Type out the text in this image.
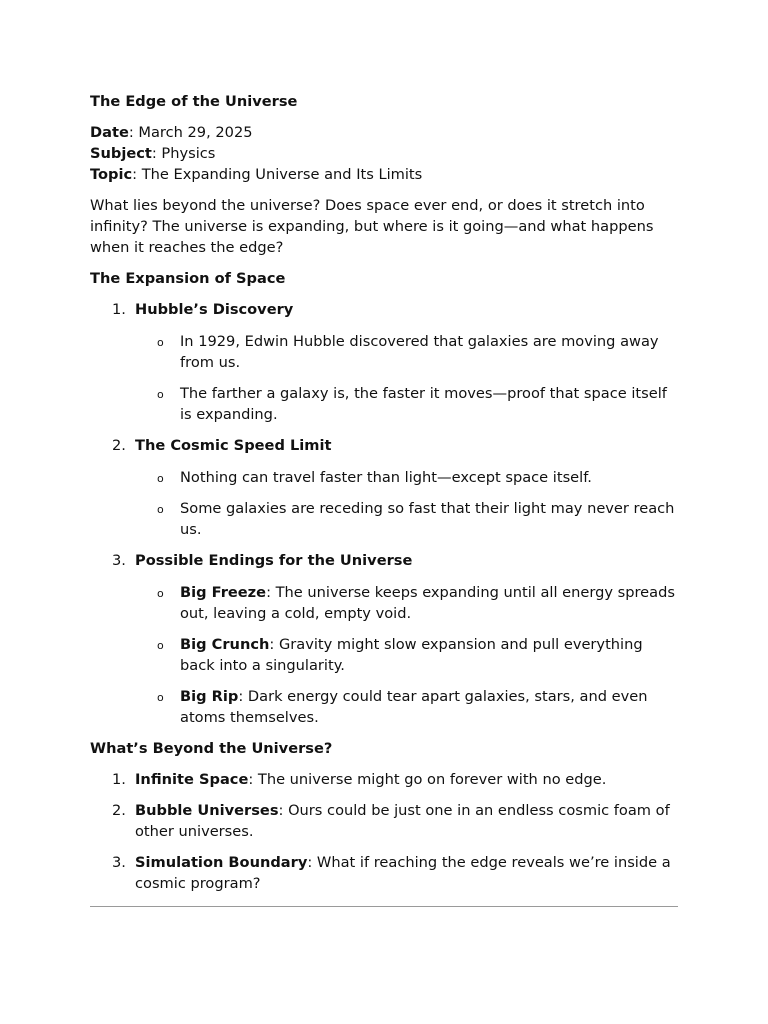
The Edge of the Universe

Date: March 29, 2025

Subject: Physics

Topic: The Expanding Universe and Its Limits

What lies beyond the universe? Does space ever end, or does it stretch into infinity? The universe is expanding, but where is it going—and what happens when it reaches the edge?

The Expansion of Space

1. Hubble’s Discovery
o In 1929, Edwin Hubble discovered that galaxies are moving away from us.
o The farther a galaxy is, the faster it moves—proof that space itself is expanding.
2. The Cosmic Speed Limit
o Nothing can travel faster than light—except space itself.
o Some galaxies are receding so fast that their light may never reach us.
3. Possible Endings for the Universe
o Big Freeze: The universe keeps expanding until all energy spreads out, leaving a cold, empty void.
o Big Crunch: Gravity might slow expansion and pull everything back into a singularity.
o Big Rip: Dark energy could tear apart galaxies, stars, and even atoms themselves.

What’s Beyond the Universe?

1. Infinite Space: The universe might go on forever with no edge.
2. Bubble Universes: Ours could be just one in an endless cosmic foam of other universes.
3. Simulation Boundary: What if reaching the edge reveals we’re inside a cosmic program?
